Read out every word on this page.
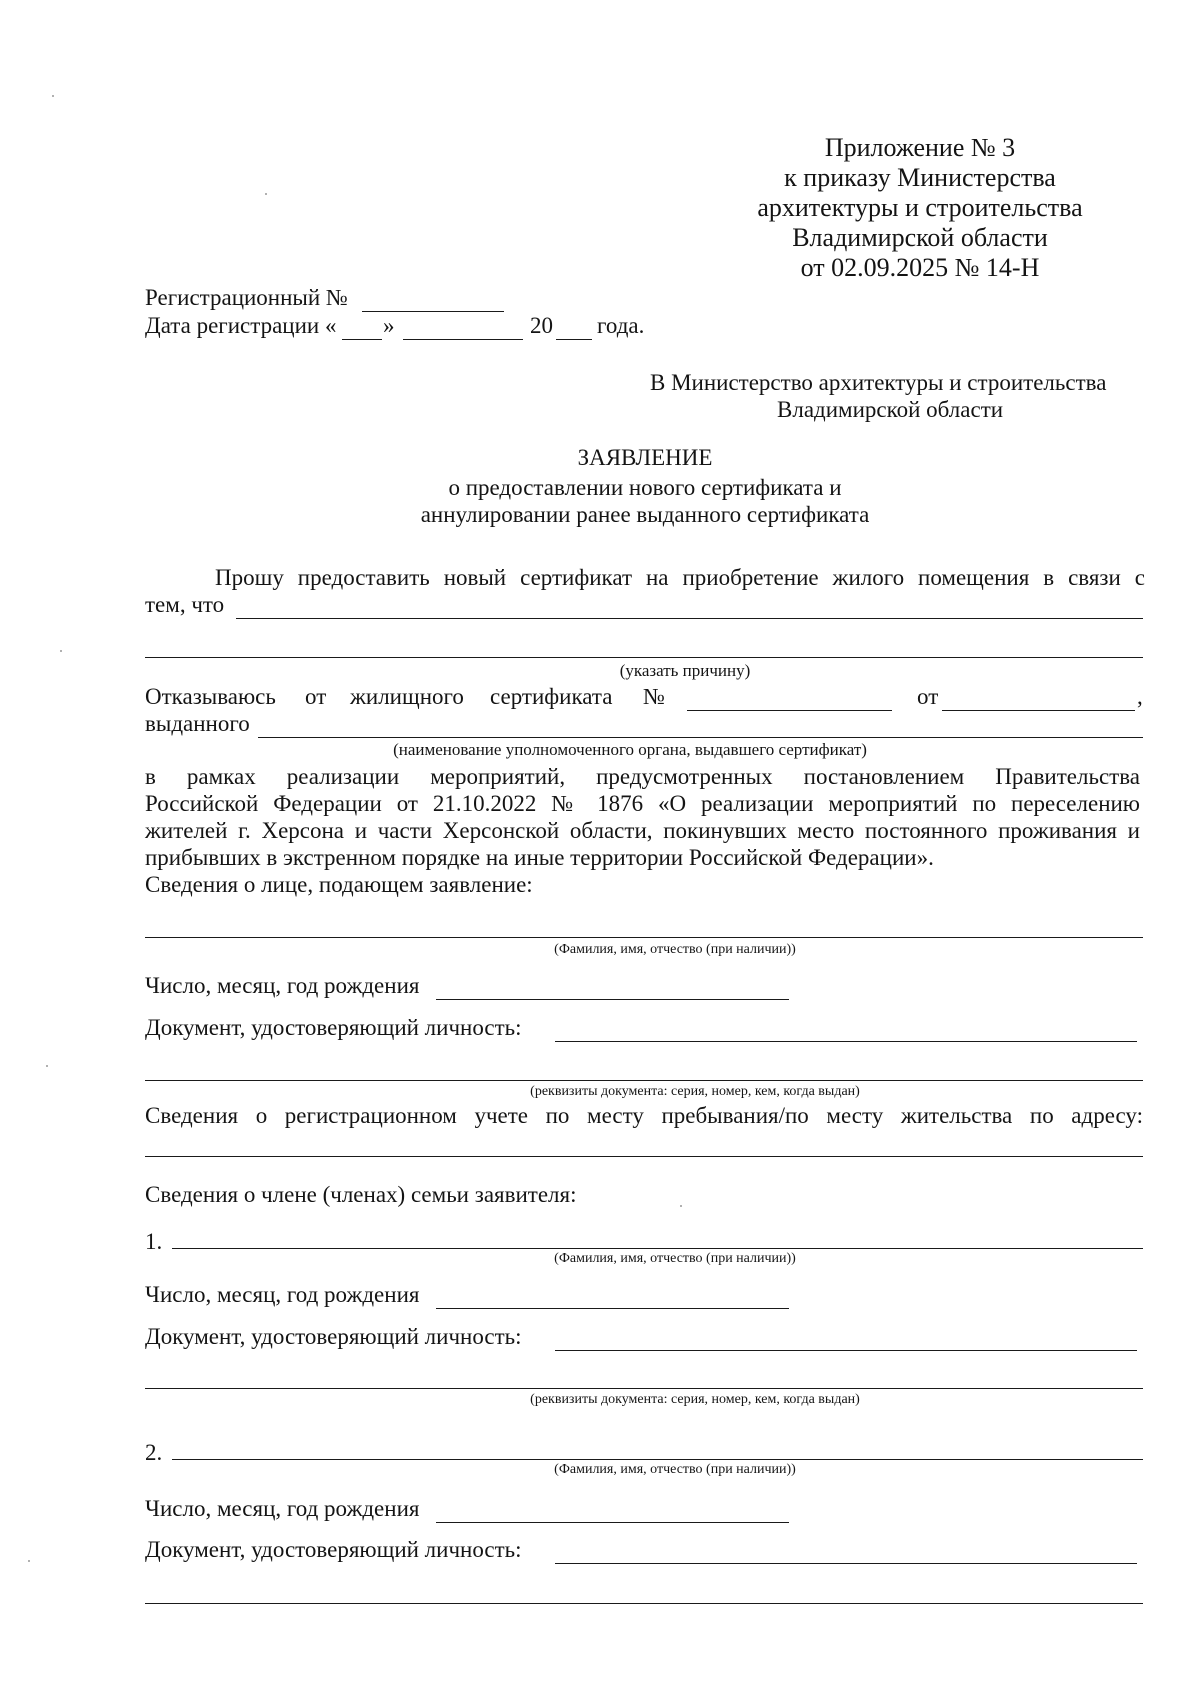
Приложение № 3
к приказу Министерства
архитектуры и строительства
Владимирской области
от 02.09.2025 № 14-Н
Регистрационный №
Дата регистрации « »	20 года.
В Министерство архитектуры и строительства
Владимирской области
ЗАЯВЛЕНИЕ
о предоставлении нового сертификата и
аннулировании ранее выданного сертификата
Прошу предоставить новый сертификат на приобретение жилого помещения в связи с
тем, что
(указать причину)
Отказываюсь от жилищного сертификата №	от	,
выданного
(наименование уполномоченного органа, выдавшего сертификат)
в рамках реализации мероприятий, предусмотренных постановлением Правительства
Российской Федерации от 21.10.2022 № 1876 «О реализации мероприятий по переселению
жителей г. Херсона и части Херсонской области, покинувших место постоянного проживания и
прибывших в экстренном порядке на иные территории Российской Федерации».
Сведения о лице, подающем заявление:
(Фамилия, имя, отчество (при наличии))
Число, месяц, год рождения
Документ, удостоверяющий личность:
(реквизиты документа: серия, номер, кем, когда выдан)
Сведения о регистрационном учете по месту пребывания/по месту жительства по адресу:
Сведения о члене (членах) семьи заявителя:
1.
(Фамилия, имя, отчество (при наличии))
Число, месяц, год рождения
Документ, удостоверяющий личность:
(реквизиты документа: серия, номер, кем, когда выдан)
2.
(Фамилия, имя, отчество (при наличии))
Число, месяц, год рождения
Документ, удостоверяющий личность:
